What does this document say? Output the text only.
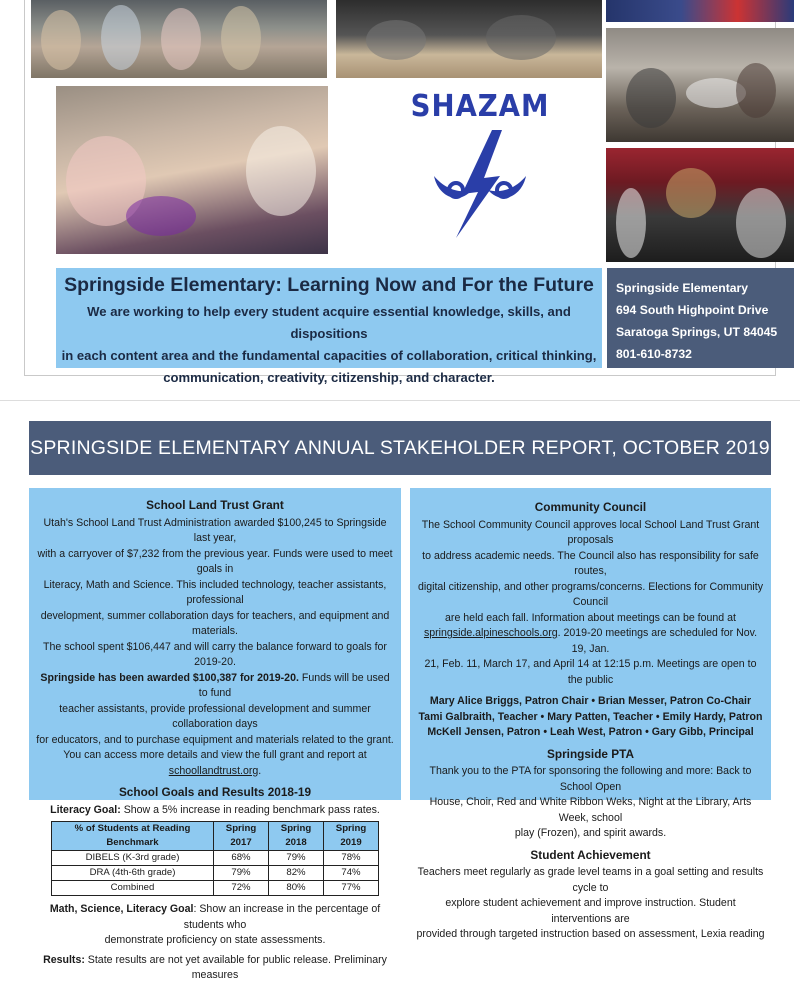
SHAZAM
Springside Elementary: Learning Now and For the Future
We are working to help every student acquire essential knowledge, skills, and dispositions
in each content area and the fundamental capacities of collaboration, critical thinking,
communication, creativity, citizenship, and character.
Springside Elementary
694 South Highpoint Drive
Saratoga Springs, UT 84045
801-610-8732
SPRINGSIDE ELEMENTARY ANNUAL STAKEHOLDER REPORT, OCTOBER 2019
School Land Trust Grant
Utah's School Land Trust Administration awarded $100,245 to Springside last year,
with a carryover of $7,232 from the previous year. Funds were used to meet goals in
Literacy, Math and Science. This included technology, teacher assistants, professional
development, summer collaboration days for teachers, and equipment and materials.
The school spent $106,447 and will carry the balance forward to goals for 2019-20.
Springside has been awarded $100,387 for 2019-20. Funds will be used to fund
teacher assistants, provide professional development and summer collaboration days
for educators, and to purchase equipment and materials related to the grant.
You can access more details and view the full grant and report at schoollandtrust.org.
School Goals and Results 2018-19
Literacy Goal: Show a 5% increase in reading benchmark pass rates.
% of Students at Reading Benchmark	Spring 2017	Spring 2018	Spring 2019
DIBELS (K-3rd grade)	68%	79%	78%
DRA (4th-6th grade)	79%	82%	74%
Combined	72%	80%	77%
Math, Science, Literacy Goal: Show an increase in the percentage of students who
demonstrate proficiency on state assessments.
Results: State results are not yet available for public release. Preliminary measures
Community Council
The School Community Council approves local School Land Trust Grant proposals
to address academic needs. The Council also has responsibility for safe routes,
digital citizenship, and other programs/concerns. Elections for Community Council
are held each fall. Information about meetings can be found at
springside.alpineschools.org. 2019-20 meetings are scheduled for Nov. 19, Jan.
21, Feb. 11, March 17, and April 14 at 12:15 p.m. Meetings are open to the public
Mary Alice Briggs, Patron Chair • Brian Messer, Patron Co-Chair
Tami Galbraith, Teacher • Mary Patten, Teacher • Emily Hardy, Patron
McKell Jensen, Patron • Leah West, Patron • Gary Gibb, Principal
Springside PTA
Thank you to the PTA for sponsoring the following and more: Back to School Open
House, Choir, Red and White Ribbon Weks, Night at the Library, Arts Week, school
play (Frozen), and spirit awards.
Student Achievement
Teachers meet regularly as grade level teams in a goal setting and results cycle to
explore student achievement and improve instruction. Student interventions are
provided through targeted instruction based on assessment, Lexia reading
